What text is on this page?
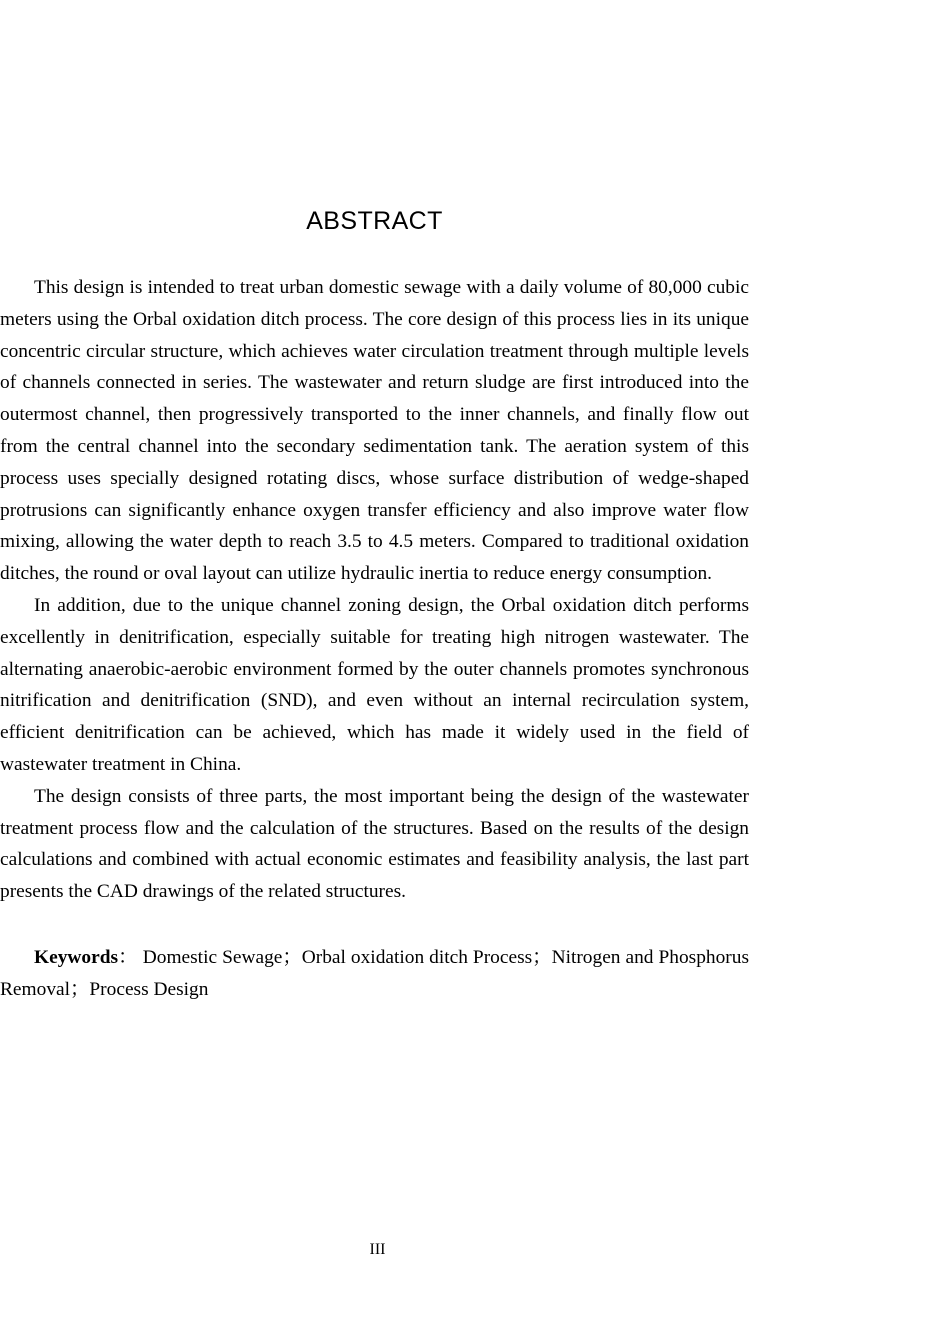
ABSTRACT

This design is intended to treat urban domestic sewage with a daily volume of 80,000 cubic meters using the Orbal oxidation ditch process. The core design of this process lies in its unique concentric circular structure, which achieves water circulation treatment through multiple levels of channels connected in series. The wastewater and return sludge are first introduced into the outermost channel, then progressively transported to the inner channels, and finally flow out from the central channel into the secondary sedimentation tank. The aeration system of this process uses specially designed rotating discs, whose surface distribution of wedge-shaped protrusions can significantly enhance oxygen transfer efficiency and also improve water flow mixing, allowing the water depth to reach 3.5 to 4.5 meters. Compared to traditional oxidation ditches, the round or oval layout can utilize hydraulic inertia to reduce energy consumption.

In addition, due to the unique channel zoning design, the Orbal oxidation ditch performs excellently in denitrification, especially suitable for treating high nitrogen wastewater. The alternating anaerobic-aerobic environment formed by the outer channels promotes synchronous nitrification and denitrification (SND), and even without an internal recirculation system, efficient denitrification can be achieved, which has made it widely used in the field of wastewater treatment in China.

The design consists of three parts, the most important being the design of the wastewater treatment process flow and the calculation of the structures. Based on the results of the design calculations and combined with actual economic estimates and feasibility analysis, the last part presents the CAD drawings of the related structures.

Keywords： Domestic Sewage；Orbal oxidation ditch Process；Nitrogen and Phosphorus Removal；Process Design

III
